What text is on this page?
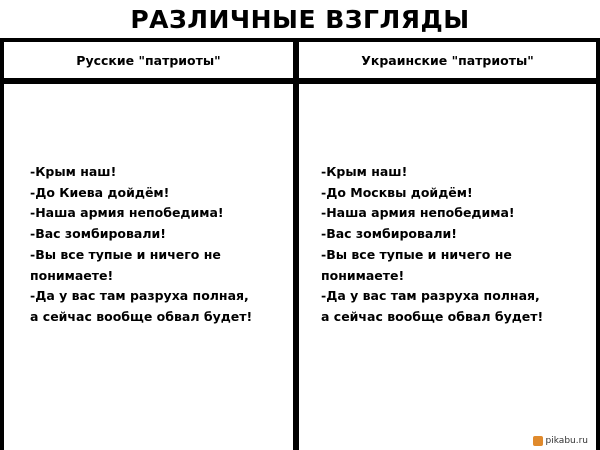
РАЗЛИЧНЫЕ ВЗГЛЯДЫ
Русские "патриоты"	Украинские "патриоты"
-Крым наш!
-До Киева дойдём!
-Наша армия непобедима!
-Вас зомбировали!
-Вы все тупые и ничего не
понимаете!
-Да у вас там разруха полная,
а сейчас вообще обвал будет!
-Крым наш!
-До Москвы дойдём!
-Наша армия непобедима!
-Вас зомбировали!
-Вы все тупые и ничего не
понимаете!
-Да у вас там разруха полная,
а сейчас вообще обвал будет!
pikabu.ru
